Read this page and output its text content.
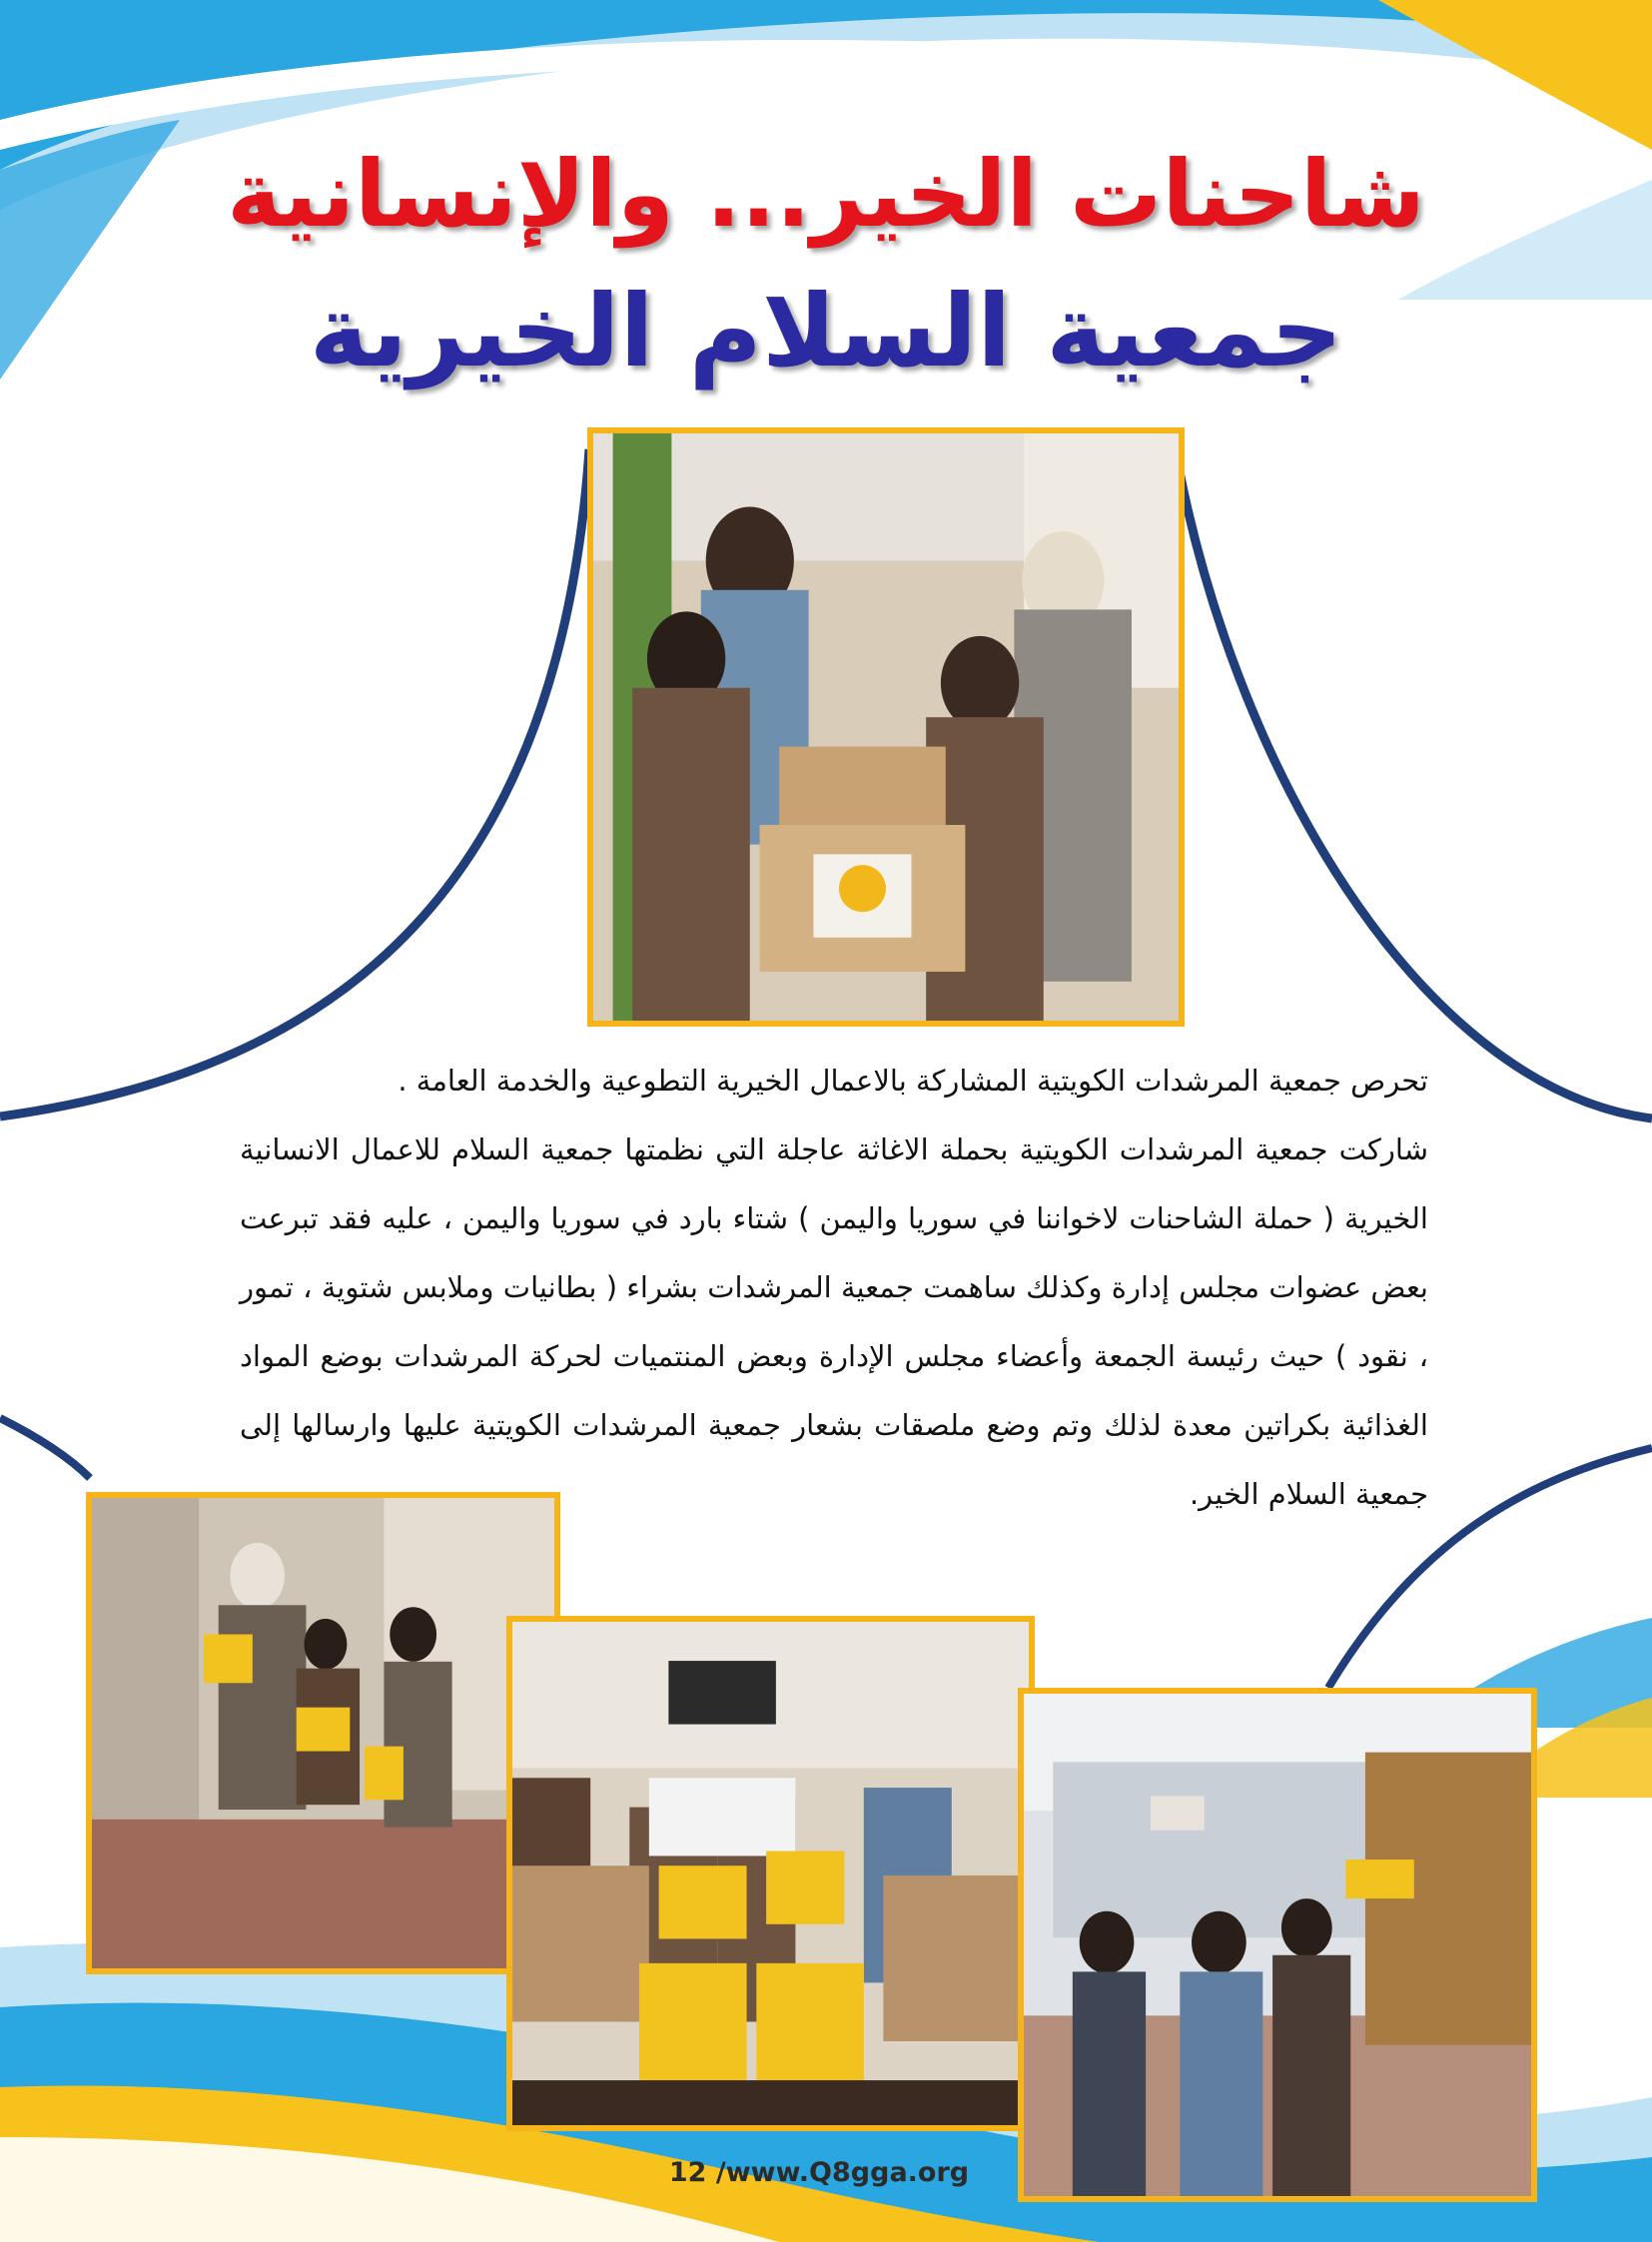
شاحنات الخير... والإنسانية
جمعية السلام الخيرية

تحرص جمعية المرشدات الكويتية المشاركة بالاعمال الخيرية التطوعية والخدمة العامة .

شاركت جمعية المرشدات الكويتية بحملة الاغاثة عاجلة التي نظمتها جمعية السلام للاعمال الانسانية الخيرية ( حملة الشاحنات لاخواننا في سوريا واليمن ) شتاء بارد في سوريا واليمن ، عليه فقد تبرعت بعض عضوات مجلس إدارة وكذلك ساهمت جمعية المرشدات بشراء ( بطانيات وملابس شتوية ، تمور ، نقود ) حيث رئيسة الجمعة وأعضاء مجلس الإدارة وبعض المنتميات لحركة المرشدات بوضع المواد الغذائية بكراتين معدة لذلك وتم وضع ملصقات بشعار جمعية المرشدات الكويتية عليها وارسالها إلى جمعية السلام الخير.

12 /www.Q8gga.org
